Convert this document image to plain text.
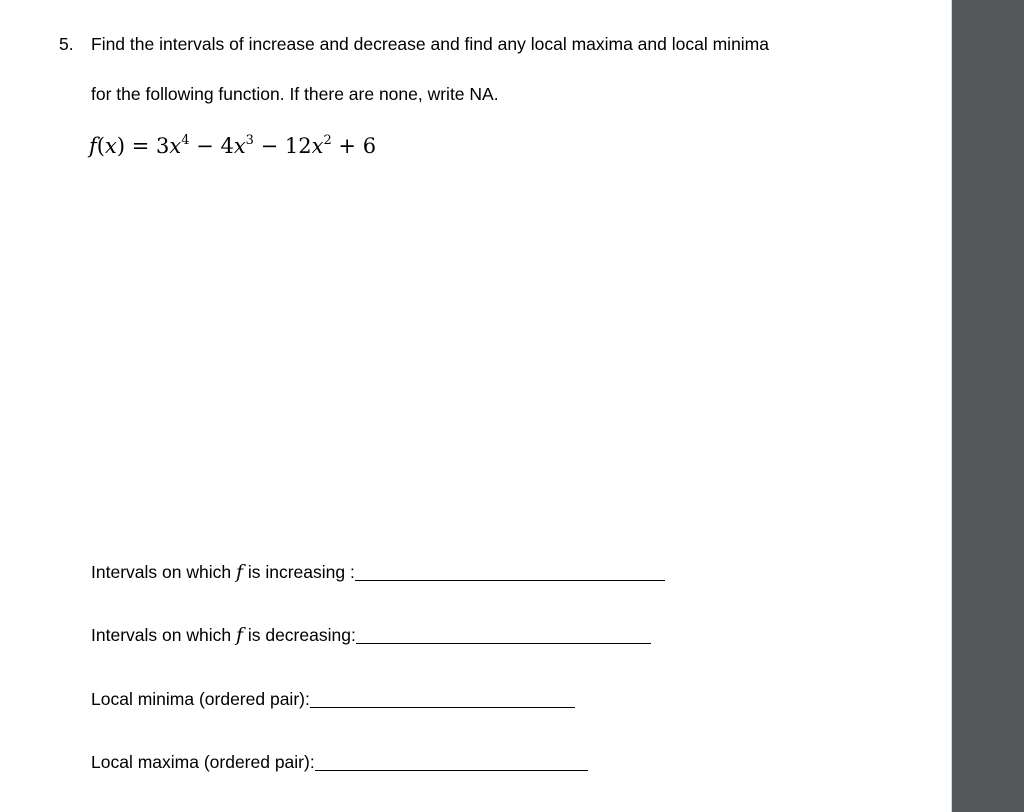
5. Find the intervals of increase and decrease and find any local maxima and local minima
for the following function. If there are none, write NA.
$f(x) = 3x^4 - 4x^3 - 12x^2 + 6$
Intervals on which f is increasing :
Intervals on which f is decreasing:
Local minima (ordered pair):
Local maxima (ordered pair):
